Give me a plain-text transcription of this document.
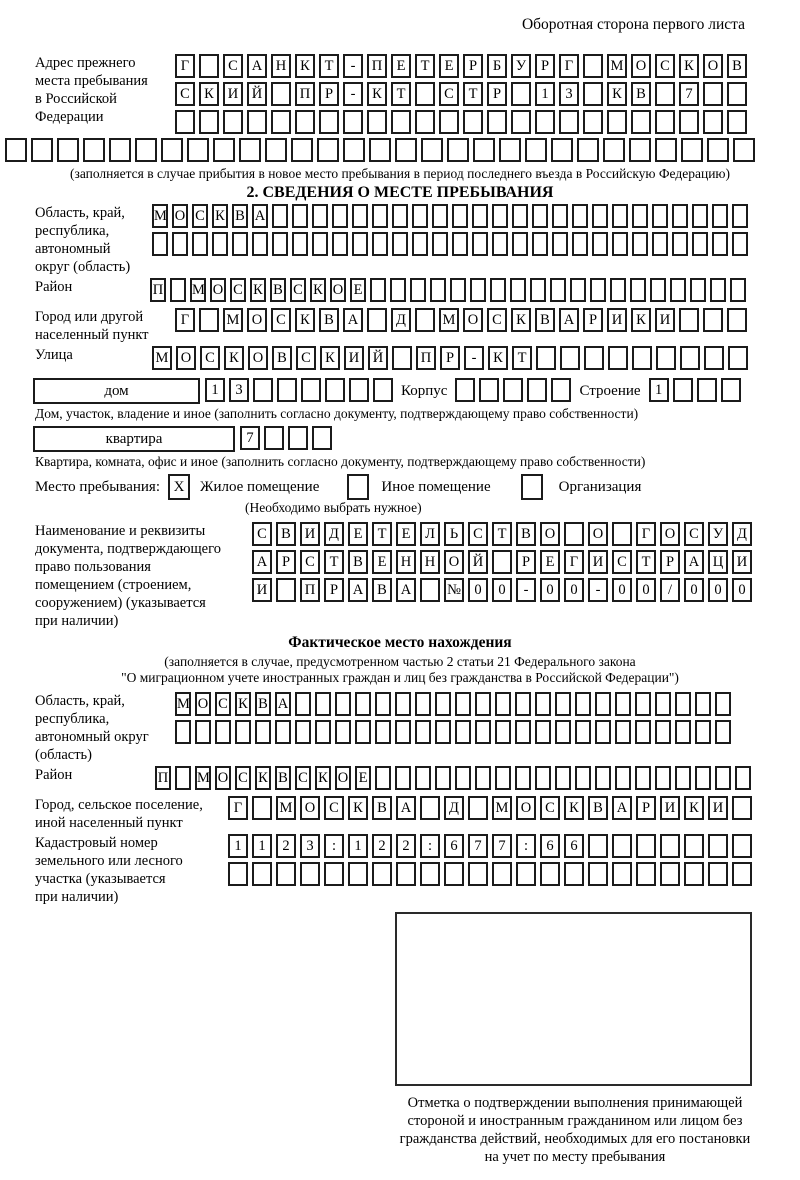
Оборотная сторона первого листа
Адрес прежнего
места пребывания
в Российской
Федерации
Г	С А Н К	Т	-	П Е	Т	Е	Р	Б	У	Р	Г	М О С К О В
С К И Й	П	Р	-	К	Т	С	Т	Р	1	3	К В	7
(заполняется в случае прибытия в новое место пребывания в период последнего въезда в Российскую Федерацию)
2. СВЕДЕНИЯ О МЕСТЕ ПРЕБЫВАНИЯ
Область, край,
республика,
автономный
округ (область)
М О С К В А
Район	П М О С К В С К О Е
Город или другой
населенный пункт
Г	М О С К В А	Д	М О С К В А	Р	И К И
Улица	М О С К О В С К И Й	П	Р	-	К	Т
дом	1	3	Корпус	Строение 1
Дом, участок, владение и иное (заполнить согласно документу, подтверждающему право собственности)
квартира	7
Квартира, комната, офис и иное (заполнить согласно документу, подтверждающему право собственности)
Место пребывания: X	Жилое помещение	Иное помещение	Организация
(Необходимо выбрать нужное)
Наименование и реквизиты
документа, подтверждающего
право пользования
помещением (строением,
сооружением) (указывается
при наличии)
С В И Д	Е	Т	Е	Л	Ь	С	Т	В О	О	Г	О С У Д
А	Р	С	Т	В	Е Н Н О Й	Р	Е	Г	И С	Т	Р	А Ц И
И	П	Р	А В А	№ 0	0	-	0	0	-	0	0	/	0	0	0
Фактическое место нахождения
(заполняется в случае, предусмотренном частью 2 статьи 21 Федерального закона
"О миграционном учете иностранных граждан и лиц без гражданства в Российской Федерации")
Область, край,
республика,
автономный округ
(область)
М О С К В А
Район	П М О С К В С К О Е
Город, сельское поселение,
иной населенный пункт
Г	М О С К В А	Д	М О С К В А	Р	И К И
Кадастровый номер
земельного или лесного
участка (указывается
при наличии)
1	1	2	3	:	1	2	2	:	6	7	7	:	6	6
Отметка о подтверждении выполнения принимающей
стороной и иностранным гражданином или лицом без
гражданства действий, необходимых для его постановки
на учет по месту пребывания
